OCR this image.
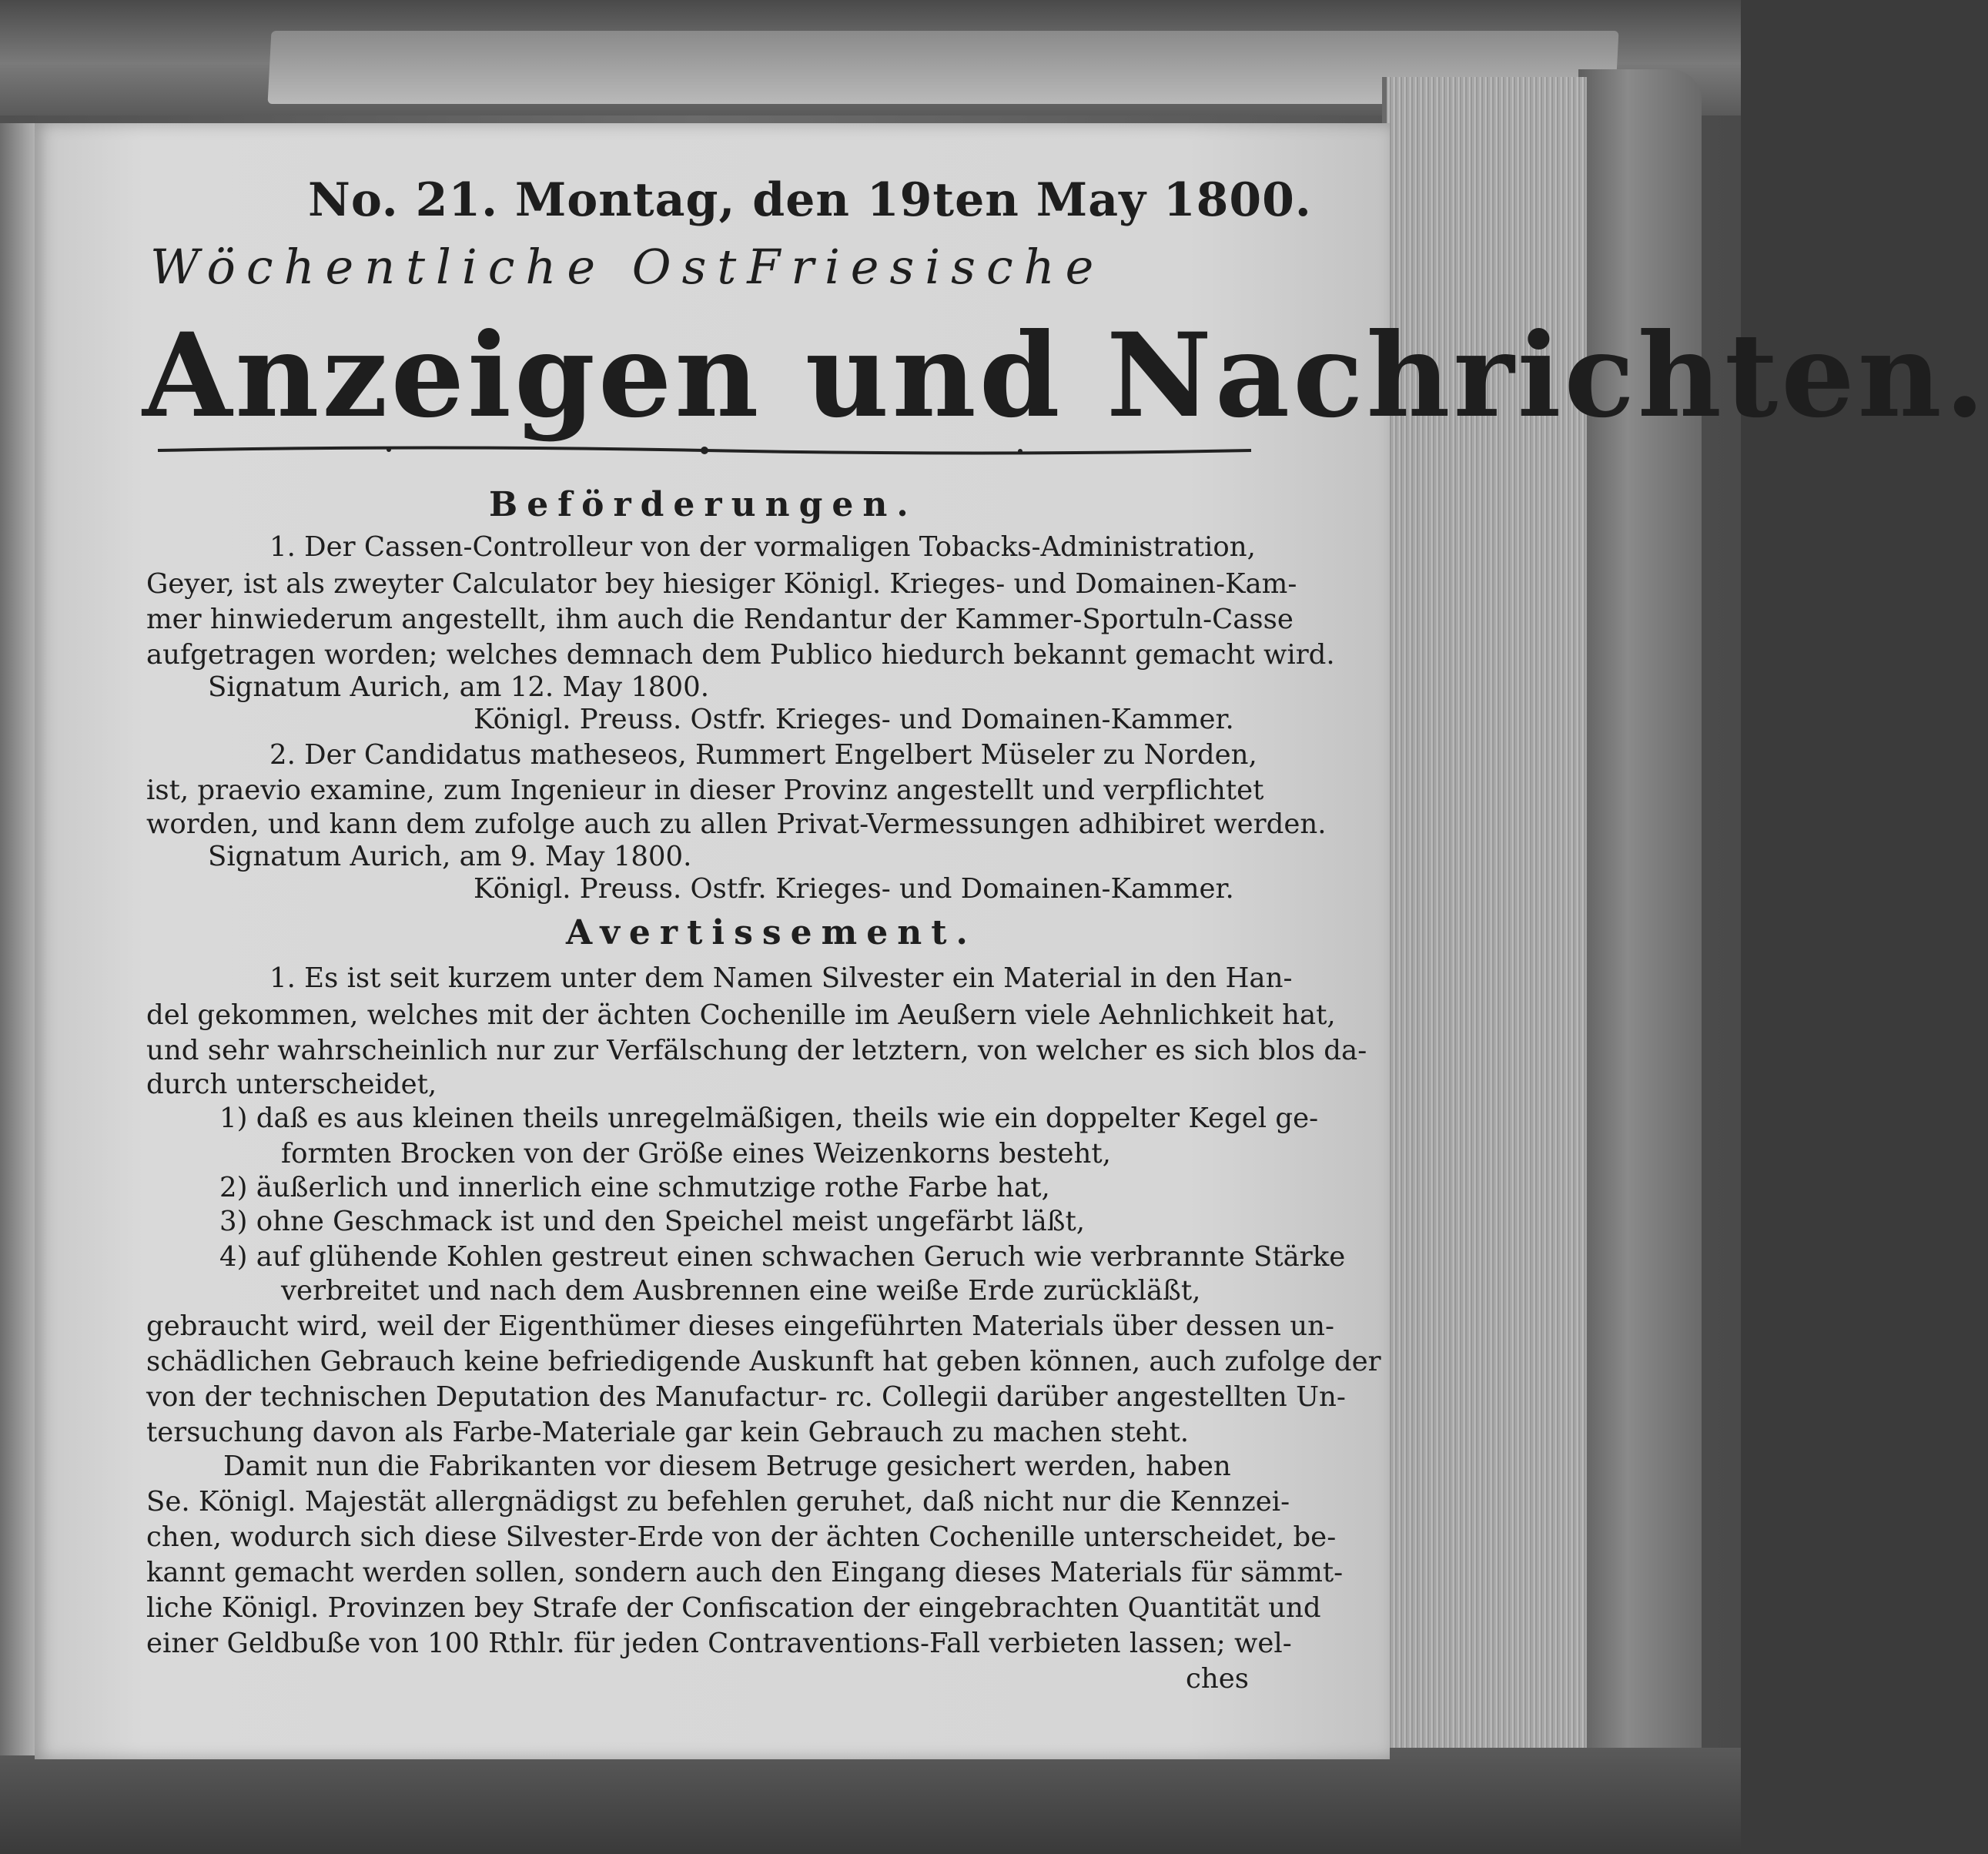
No. 21. Montag, den 19ten May 1800.
Wöchentliche OstFriesische
Anzeigen und Nachrichten.
Beförderungen.
1. Der Cassen-Controlleur von der vormaligen Tobacks-Administration,
Geyer, ist als zweyter Calculator bey hiesiger Königl. Krieges- und Domainen-Kam-
mer hinwiederum angestellt, ihm auch die Rendantur der Kammer-Sportuln-Casse
aufgetragen worden; welches demnach dem Publico hiedurch bekannt gemacht wird.
Signatum Aurich, am 12. May 1800.
Königl. Preuss. Ostfr. Krieges- und Domainen-Kammer.
2. Der Candidatus matheseos, Rummert Engelbert Müseler zu Norden,
ist, praevio examine, zum Ingenieur in dieser Provinz angestellt und verpflichtet
worden, und kann dem zufolge auch zu allen Privat-Vermessungen adhibiret werden.
Signatum Aurich, am 9. May 1800.
Königl. Preuss. Ostfr. Krieges- und Domainen-Kammer.
Avertissement.
1. Es ist seit kurzem unter dem Namen Silvester ein Material in den Han-
del gekommen, welches mit der ächten Cochenille im Aeußern viele Aehnlichkeit hat,
und sehr wahrscheinlich nur zur Verfälschung der letztern, von welcher es sich blos da-
durch unterscheidet,
1) daß es aus kleinen theils unregelmäßigen, theils wie ein doppelter Kegel ge-
formten Brocken von der Größe eines Weizenkorns besteht,
2) äußerlich und innerlich eine schmutzige rothe Farbe hat,
3) ohne Geschmack ist und den Speichel meist ungefärbt läßt,
4) auf glühende Kohlen gestreut einen schwachen Geruch wie verbrannte Stärke
verbreitet und nach dem Ausbrennen eine weiße Erde zurückläßt,
gebraucht wird, weil der Eigenthümer dieses eingeführten Materials über dessen un-
schädlichen Gebrauch keine befriedigende Auskunft hat geben können, auch zufolge der
von der technischen Deputation des Manufactur- rc. Collegii darüber angestellten Un-
tersuchung davon als Farbe-Materiale gar kein Gebrauch zu machen steht.
Damit nun die Fabrikanten vor diesem Betruge gesichert werden, haben
Se. Königl. Majestät allergnädigst zu befehlen geruhet, daß nicht nur die Kennzei-
chen, wodurch sich diese Silvester-Erde von der ächten Cochenille unterscheidet, be-
kannt gemacht werden sollen, sondern auch den Eingang dieses Materials für sämmt-
liche Königl. Provinzen bey Strafe der Confiscation der eingebrachten Quantität und
einer Geldbuße von 100 Rthlr. für jeden Contraventions-Fall verbieten lassen; wel-
ches
